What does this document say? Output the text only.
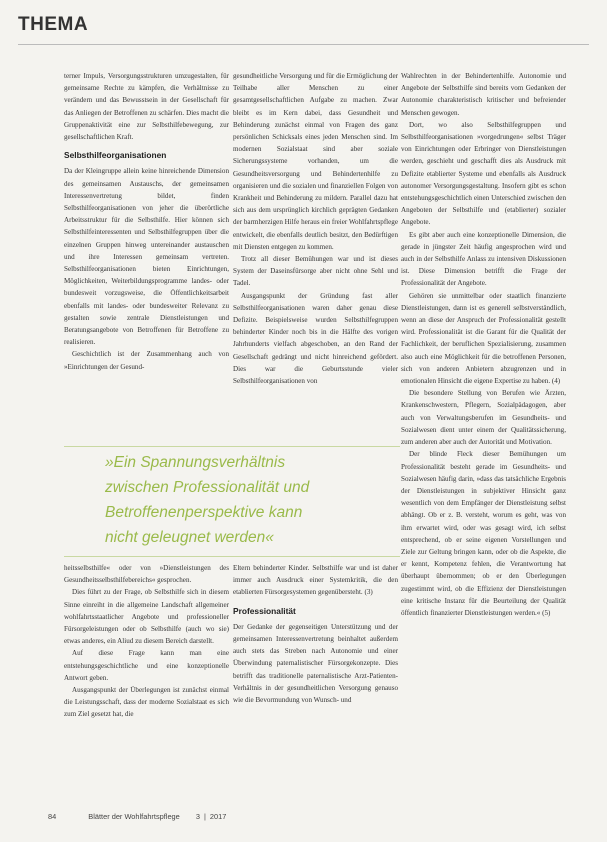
THEMA

terner Impuls, Versorgungsstrukturen umzugestalten, für gemeinsame Rechte zu kämpfen, die Verhältnisse zu verändern und das Bewusstsein in der Gesellschaft für das Anliegen der Betroffenen zu schärfen. Dies macht die Gruppenaktivität eine zur Selbsthilfebewegung, zur gesellschaftlichen Kraft.

Selbsthilfeorganisationen

Da der Kleingruppe allein keine hinreichende Dimension des gemeinsamen Austauschs, der gemeinsamen Interessenvertretung bildet, finden Selbsthilfeorganisationen von jeher die überörtliche Arbeitsstruktur für die Selbsthilfe. Hier können sich Selbsthilfeinteressenten und Selbsthilfegruppen über die einzelnen Gruppen hinweg untereinander austauschen und ihre Interessen gemeinsam vertreten. Selbsthilfeorganisationen bieten Einrichtungen, Möglichkeiten, Weiterbildungsprogramme landes- oder bundesweit vorzugsweise, die Öffentlichkeitsarbeit ebenfalls mit landes- oder bundesweiter Relevanz zu gestalten sowie zentrale Dienstleistungen und Beratungsangebote von Betroffenen für Betroffene zu realisieren.

Geschichtlich ist der Zusammenhang auch von »Einrichtungen der Gesund-

gesundheitliche Versorgung und für die Ermöglichung der Teilhabe aller Menschen zu einer gesamtgesellschaftlichen Aufgabe zu machen. Zwar bleibt es im Kern dabei, dass Gesundheit und Behinderung zunächst einmal von Fragen des ganz persönlichen Schicksals eines jeden Menschen sind. Im modernen Sozialstaat sind aber soziale Sicherungssysteme vorhanden, um die Gesundheitsversorgung und Behindertenhilfe zu organisieren und die sozialen und finanziellen Folgen von Krankheit und Behinderung zu mildern. Parallel dazu hat sich aus dem ursprünglich kirchlich geprägten Gedanken der barmherzigen Hilfe heraus ein freier Wohlfahrtspflege entwickelt, die ebenfalls deutlich besitzt, den Bedürftigen mit Diensten entgegen zu kommen.

Trotz all dieser Bemühungen war und ist dieses System der Daseinsfürsorge aber nicht ohne Sehl und Tadel.

Ausgangspunkt der Gründung fast aller Selbsthilfeorganisationen waren daher genau diese Defizite. Beispielsweise wurden Selbsthilfegruppen behinderter Kinder noch bis in die Hälfte des vorigen Jahrhunderts vielfach abgeschoben, an den Rand der Gesellschaft gedrängt und nicht hinreichend gefördert. Dies war die Geburtsstunde vieler Selbsthilfeorganisationen von

»Ein Spannungsverhältnis
zwischen Professionalität und
Betroffenenperspektive kann
nicht geleugnet werden«

heitsselbsthilfe« oder von »Dienstleistungen des Gesundheitsselbsthilfebereichs« gesprochen.

Dies führt zu der Frage, ob Selbsthilfe sich in diesem Sinne einreiht in die allgemeine Landschaft allgemeiner wohlfahrtsstaatlicher Angebote und professioneller Fürsorgeleistungen oder ob Selbsthilfe (auch wo sie) etwas anderes, ein Aliud zu diesem Bereich darstellt.

Auf diese Frage kann man eine entstehungsgeschichtliche und eine konzeptionelle Antwort geben.

Ausgangspunkt der Überlegungen ist zunächst einmal die Leistungsschaft, dass der moderne Sozialstaat es sich zum Ziel gesetzt hat, die

Eltern behinderter Kinder. Selbsthilfe war und ist daher immer auch Ausdruck einer Systemkritik, die den etablierten Fürsorgesystemen gegenübersteht. (3)

Professionalität

Der Gedanke der gegenseitigen Unterstützung und der gemeinsamen Interessenvertretung beinhaltet außerdem auch stets das Streben nach Autonomie und einer Überwindung paternalistischer Fürsorgekonzepte. Dies betrifft das traditionelle paternalistische Arzt-Patienten-Verhältnis in der gesundheitlichen Versorgung genauso wie die Bevormundung von Wunsch- und

Wahlrechten in der Behindertenhilfe. Autonomie und Angebote der Selbsthilfe sind bereits vom Gedanken der Autonomie charakteristisch kritischer und befreiender Menschen gewogen.

Dort, wo also Selbsthilfegruppen und Selbsthilfeorganisationen »vorgedrungen« selbst Träger von Einrichtungen oder Erbringer von Dienstleistungen werden, geschieht und geschafft dies als Ausdruck mit Defizite etablierter Systeme und ebenfalls als Ausdruck autonomer Versorgungsgestaltung. Insofern gibt es schon entstehungsgeschichtlich einen Unterschied zwischen den Angeboten der Selbsthilfe und (etablierter) sozialer Angebote.

Es gibt aber auch eine konzeptionelle Dimension, die gerade in jüngster Zeit häufig angesprochen wird und auch in der Selbsthilfe Anlass zu intensiven Diskussionen ist. Diese Dimension betrifft die Frage der Professionalität der Angebote.

Gehören sie unmittelbar oder staatlich finanzierte Dienstleistungen, dann ist es generell selbstverständlich, wenn an diese der Anspruch der Professionalität gestellt wird. Professionalität ist die Garant für die Qualität der Fachlichkeit, der beruflichen Spezialisierung, zusammen also auch eine Möglichkeit für die betroffenen Personen, sich von anderen Anbietern abzugrenzen und in emotionalen Hinsicht die eigene Expertise zu haben. (4)

Die besondere Stellung von Berufen wie Ärzten, Krankenschwestern, Pflegern, Sozialpädagogen, aber auch von Verwaltungsberufen im Gesundheits- und Sozialwesen dient unter einem der Qualitätssicherung, zum anderen aber auch der Autorität und Motivation.

Der blinde Fleck dieser Bemühungen um Professionalität besteht gerade im Gesundheits- und Sozialwesen häufig darin, »dass das tatsächliche Ergebnis der Dienstleistungen in subjektiver Hinsicht ganz wesentlich von dem Empfänger der Dienstleistung selbst abhängt. Ob er z. B. versteht, worum es geht, was von ihm erwartet wird, oder was gesagt wird, ich selbst entsprechend, ob er seine eigenen Vorstellungen und Ziele zur Geltung bringen kann, oder ob die Aspekte, die er kennt, Kompetenz fehlen, die Verantwortung hat überhaupt übernommen; ob er den Überlegungen zugestimmt wird, ob die Effizienz der Dienstleistungen eine kritische Instanz für die Beurteilung der Qualität öffentlich finanzierter Dienstleistungen werden.« (5)

84	Blätter der Wohlfahrtspflege 3 | 2017
